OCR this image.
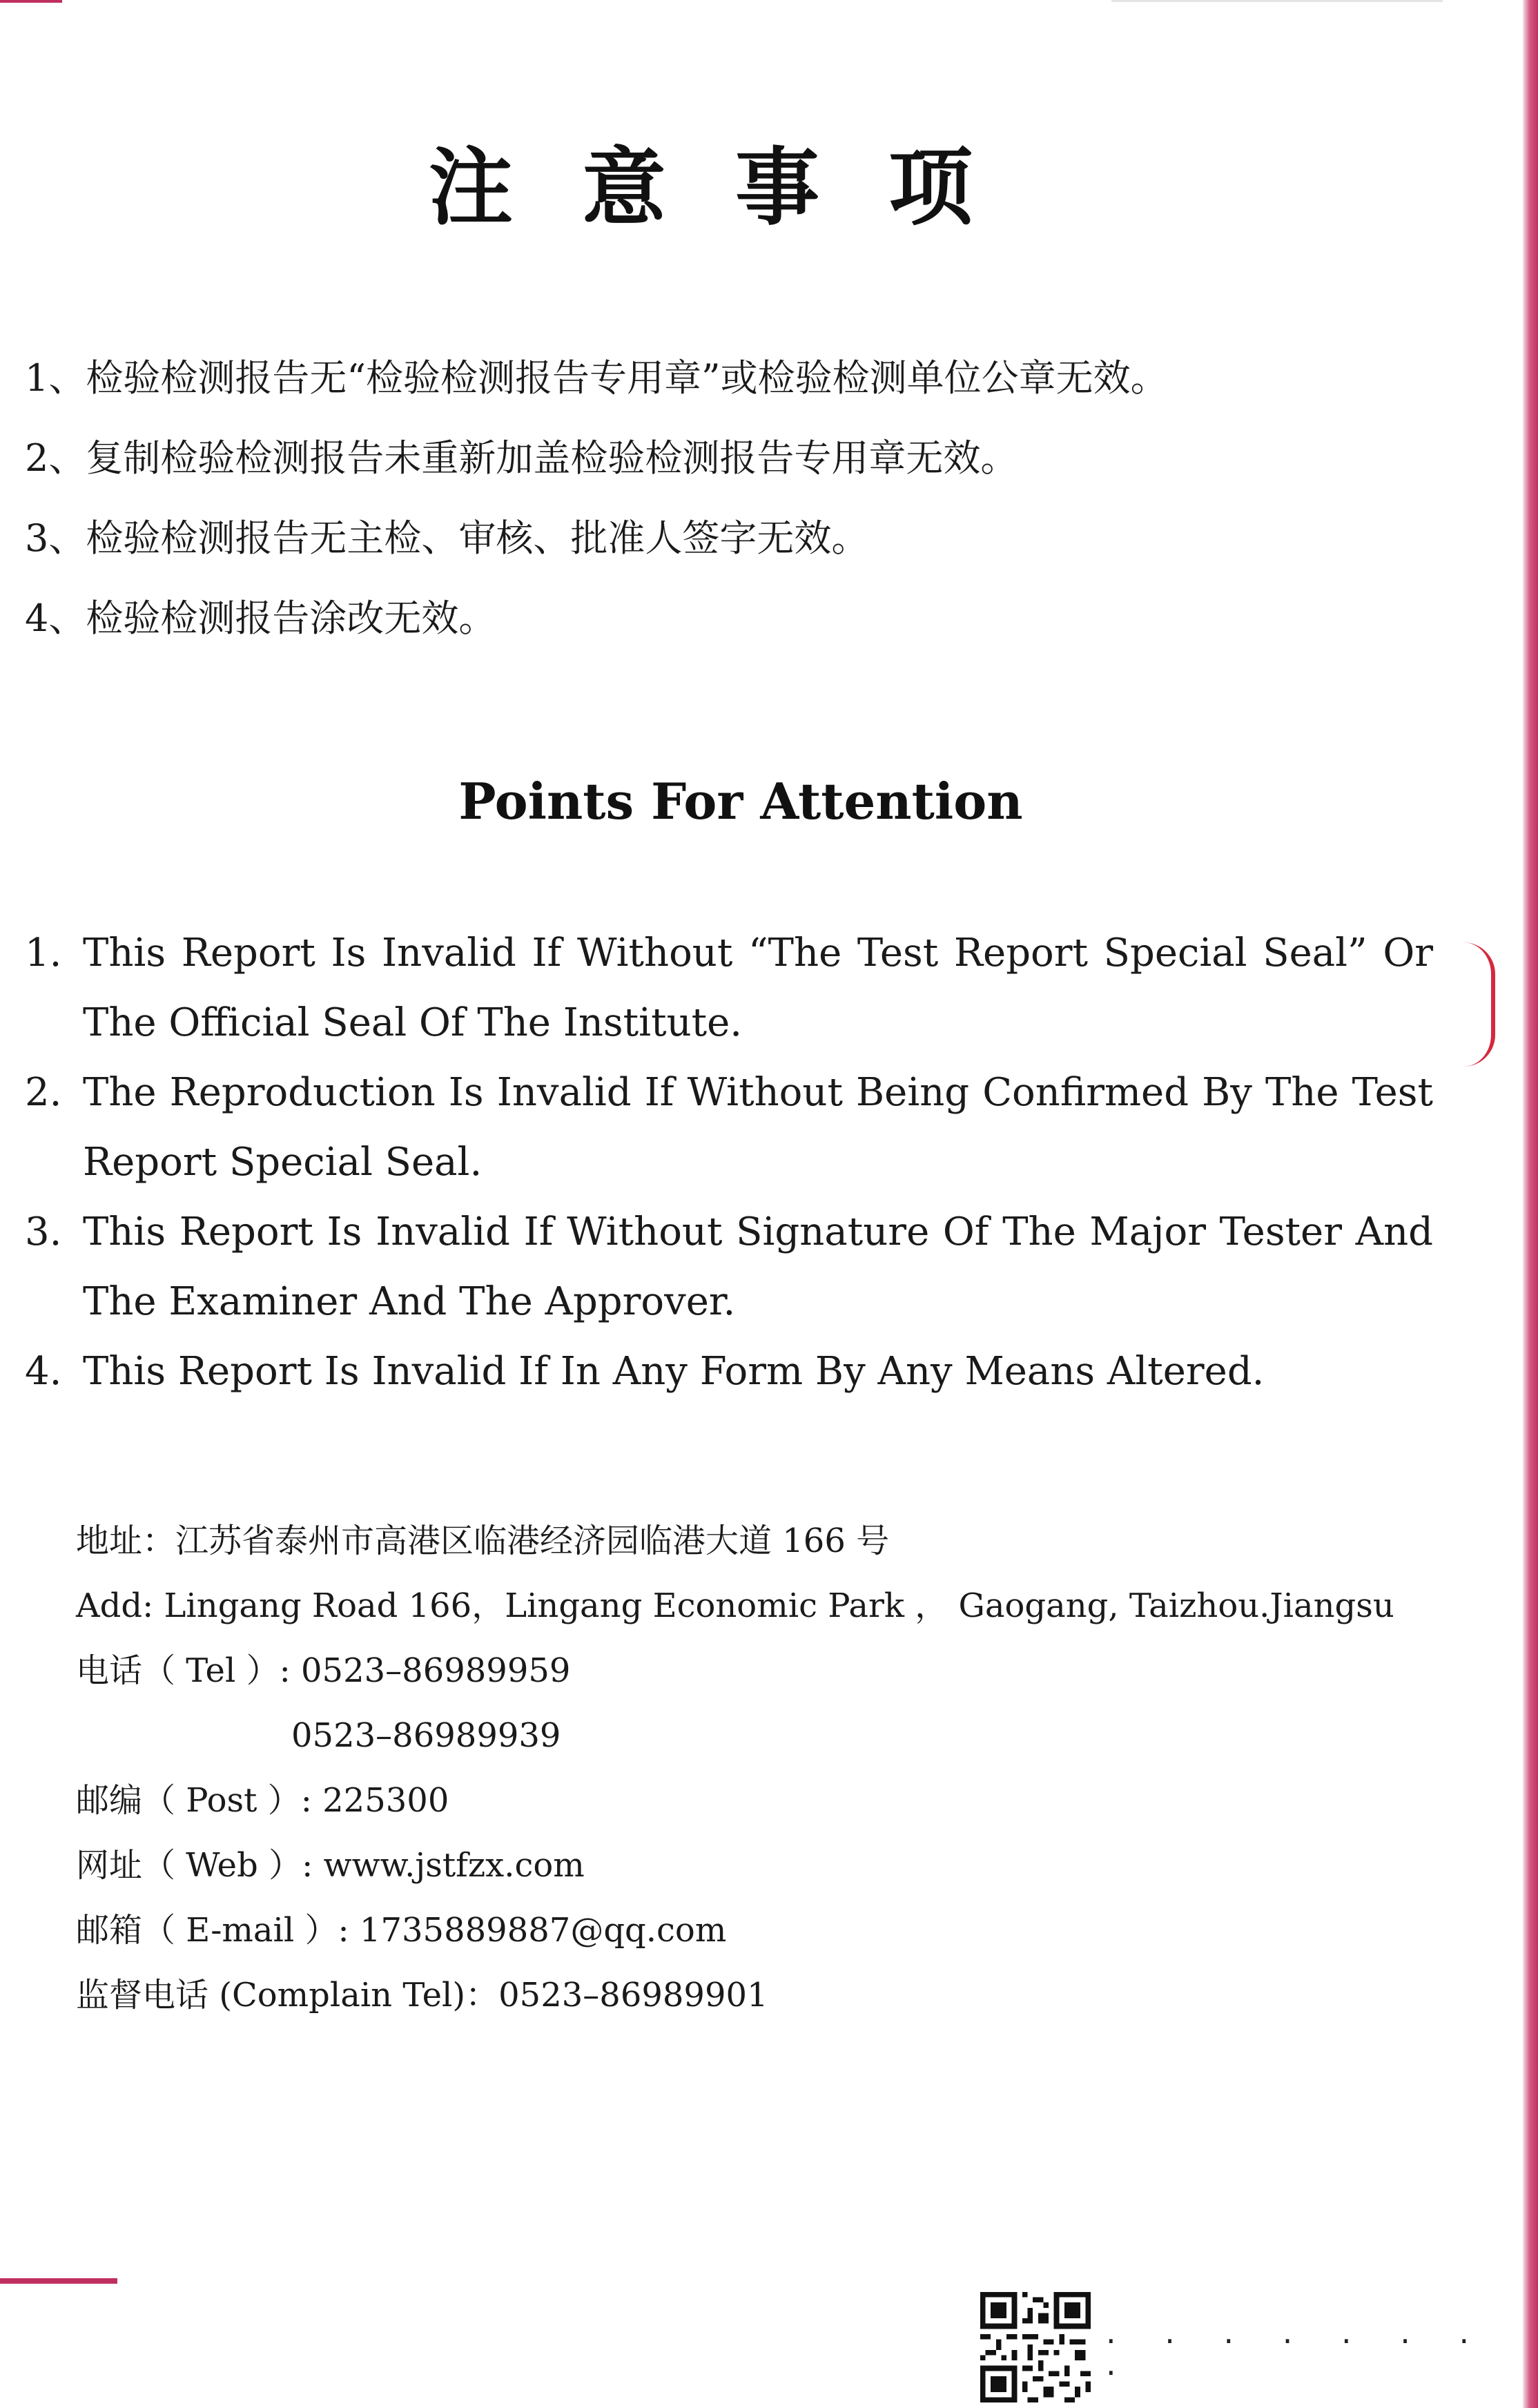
注意事项
1、检验检测报告无“检验检测报告专用章”或检验检测单位公章无效。
2、复制检验检测报告未重新加盖检验检测报告专用章无效。
3、检验检测报告无主检、审核、批准人签字无效。
4、检验检测报告涂改无效。
Points For Attention
1. This Report Is Invalid If Without “The Test Report Special Seal” Or The Official Seal Of The Institute.
2. The Reproduction Is Invalid If Without Being Confirmed By The Test Report Special Seal.
3. This Report Is Invalid If Without Signature Of The Major Tester And The Examiner And The Approver.
4. This Report Is Invalid If In Any Form By Any Means Altered.
地址：江苏省泰州市高港区临港经济园临港大道 166 号
Add: Lingang Road 166，Lingang Economic Park ， Gaogang, Taizhou.Jiangsu
电话（ Tel ）: 0523–86989959
0523–86989939
邮编（ Post ）: 225300
网址（ Web ）: www.jstfzx.com
邮箱（ E-mail ）: 1735889887@qq.com
监督电话 (Complain Tel)：0523–86989901
· · · · · · · ·
